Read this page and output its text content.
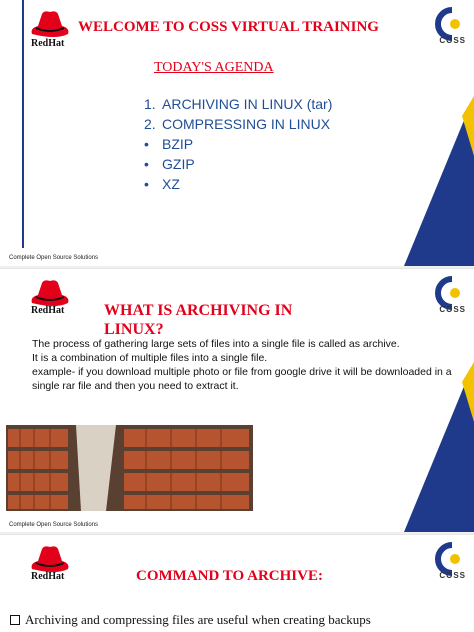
RedHat
WELCOME TO COSS VIRTUAL TRAINING
COSS
TODAY'S AGENDA
1. ARCHIVING IN LINUX (tar)
2. COMPRESSING IN LINUX
• BZIP
• GZIP
• XZ
Complete Open Source Solutions
RedHat	COSS
WHAT IS ARCHIVING IN LINUX?
The process of gathering large sets of files into a single file is called as archive.
It is a combination of multiple files into a single file.
example- if you download multiple photo or file from google drive it will be downloaded in a single rar file and then you need to extract it.
Complete Open Source Solutions
RedHat	COSS
COMMAND TO ARCHIVE:
Archiving and compressing files are useful when creating backups
